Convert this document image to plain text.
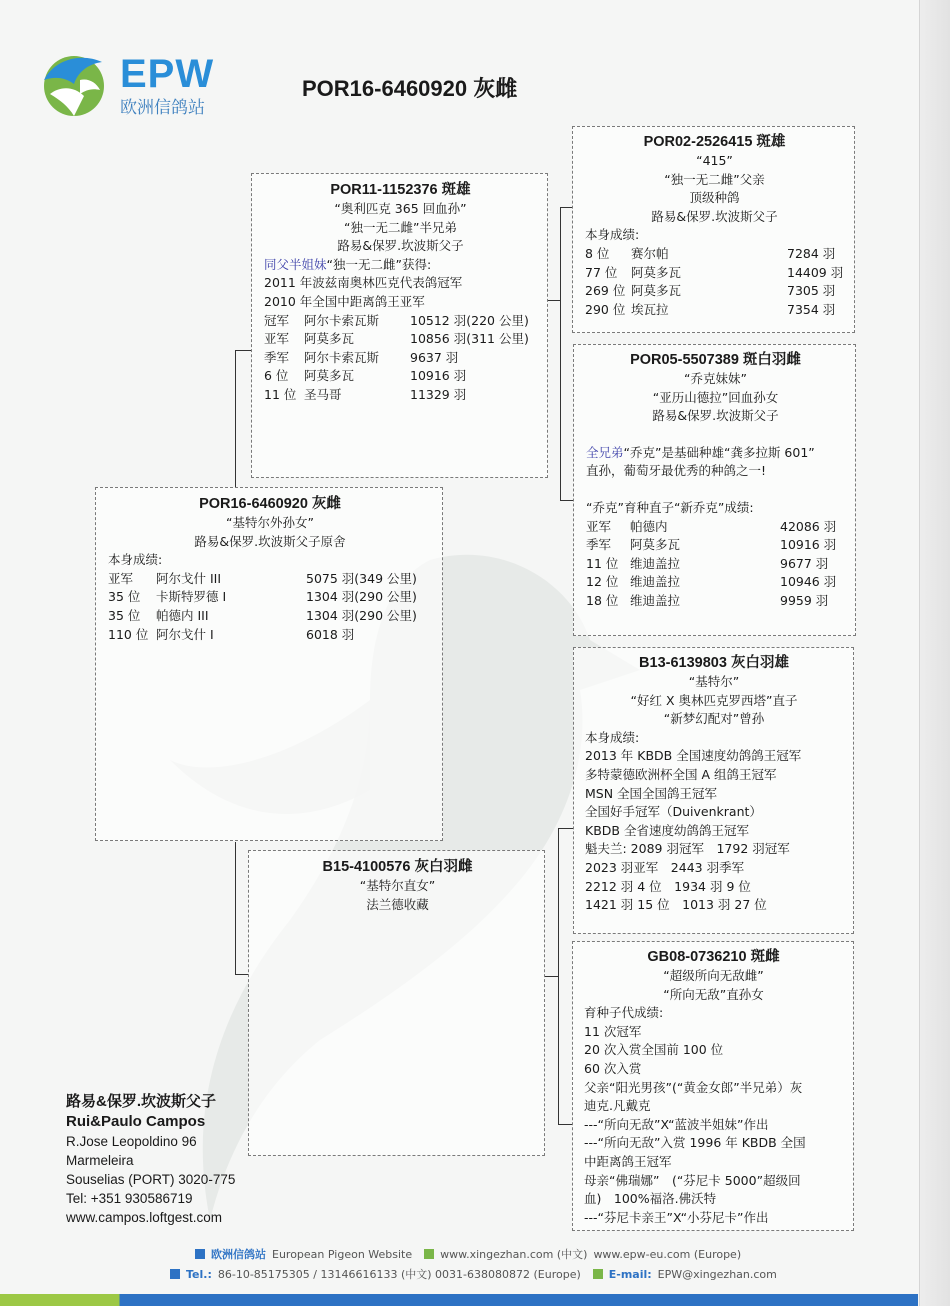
EPW
欧洲信鸽站
POR16-6460920 灰雌
POR11-1152376 斑雄
“奥利匹克 365 回血孙”
“独一无二雌”半兄弟
路易&保罗.坎波斯父子
同父半姐妹“独一无二雌”获得:
2011 年波兹南奥林匹克代表鸽冠军
2010 年全国中距离鸽王亚军
冠军	阿尔卡索瓦斯	10512 羽(220 公里)
亚军	阿莫多瓦	10856 羽(311 公里)
季军	阿尔卡索瓦斯	9637 羽
6 位	阿莫多瓦	10916 羽
11 位 圣马哥	11329 羽
POR16-6460920 灰雌
“基特尔外孙女”
路易&保罗.坎波斯父子原舍
本身成绩:
亚军	阿尔戈什 III	5075 羽(349 公里)
35 位	卡斯特罗德 I	1304 羽(290 公里)
35 位	帕德内 III	1304 羽(290 公里)
110 位 阿尔戈什 I	6018 羽
B15-4100576 灰白羽雌
“基特尔直女”
法兰德收藏
POR02-2526415 斑雄
“415”
“独一无二雌”父亲
顶级种鸽
路易&保罗.坎波斯父子
本身成绩:
8 位	赛尔帕	7284 羽
77 位	阿莫多瓦	14409 羽
269 位 阿莫多瓦	7305 羽
290 位 埃瓦拉	7354 羽
POR05-5507389 斑白羽雌
“乔克妹妹”
“亚历山德拉”回血孙女
路易&保罗.坎波斯父子
全兄弟“乔克”是基础种雄“龚多拉斯 601”
直孙，葡萄牙最优秀的种鸽之一!
“乔克”育种直子“新乔克”成绩:
亚军	帕德内	42086 羽
季军	阿莫多瓦	10916 羽
11 位 维迪盖拉	9677 羽
12 位 维迪盖拉	10946 羽
18 位 维迪盖拉	9959 羽
B13-6139803 灰白羽雄
“基特尔”
“好红 X 奥林匹克罗西塔”直子
“新梦幻配对”曾孙
本身成绩:
2013 年 KBDB 全国速度幼鸽鸽王冠军
多特蒙德欧洲杯全国 A 组鸽王冠军
MSN 全国全国鸽王冠军
全国好手冠军（Duivenkrant）
KBDB 全省速度幼鸽鸽王冠军
魁夫兰: 2089 羽冠军　1792 羽冠军
2023 羽亚军　2443 羽季军
2212 羽 4 位　1934 羽 9 位
1421 羽 15 位　1013 羽 27 位
GB08-0736210 斑雌
“超级所向无敌雌”
“所向无敌”直孙女
育种子代成绩:
11 次冠军
20 次入赏全国前 100 位
60 次入赏
父亲“阳光男孩”(“黄金女郎”半兄弟）灰
迪克.凡戴克
---“所向无敌”X“蓝波半姐妹”作出
---“所向无敌”入赏 1996 年 KBDB 全国
中距离鸽王冠军
母亲“佛瑞娜”　(“芬尼卡 5000”超级回
血)　100%福洛.佛沃特
---“芬尼卡亲王”X“小芬尼卡”作出
路易&保罗.坎波斯父子
Rui&Paulo Campos
R.Jose Leopoldino 96
Marmeleira
Souselias (PORT) 3020-775
Tel: +351 930586719
www.campos.loftgest.com
欧洲信鸽站 European Pigeon Website	www.xingezhan.com (中文) www.epw-eu.com (Europe)
Tel.: 86-10-85175305 / 13146616133 (中文) 0031-638080872 (Europe)	E-mail: EPW@xingezhan.com
